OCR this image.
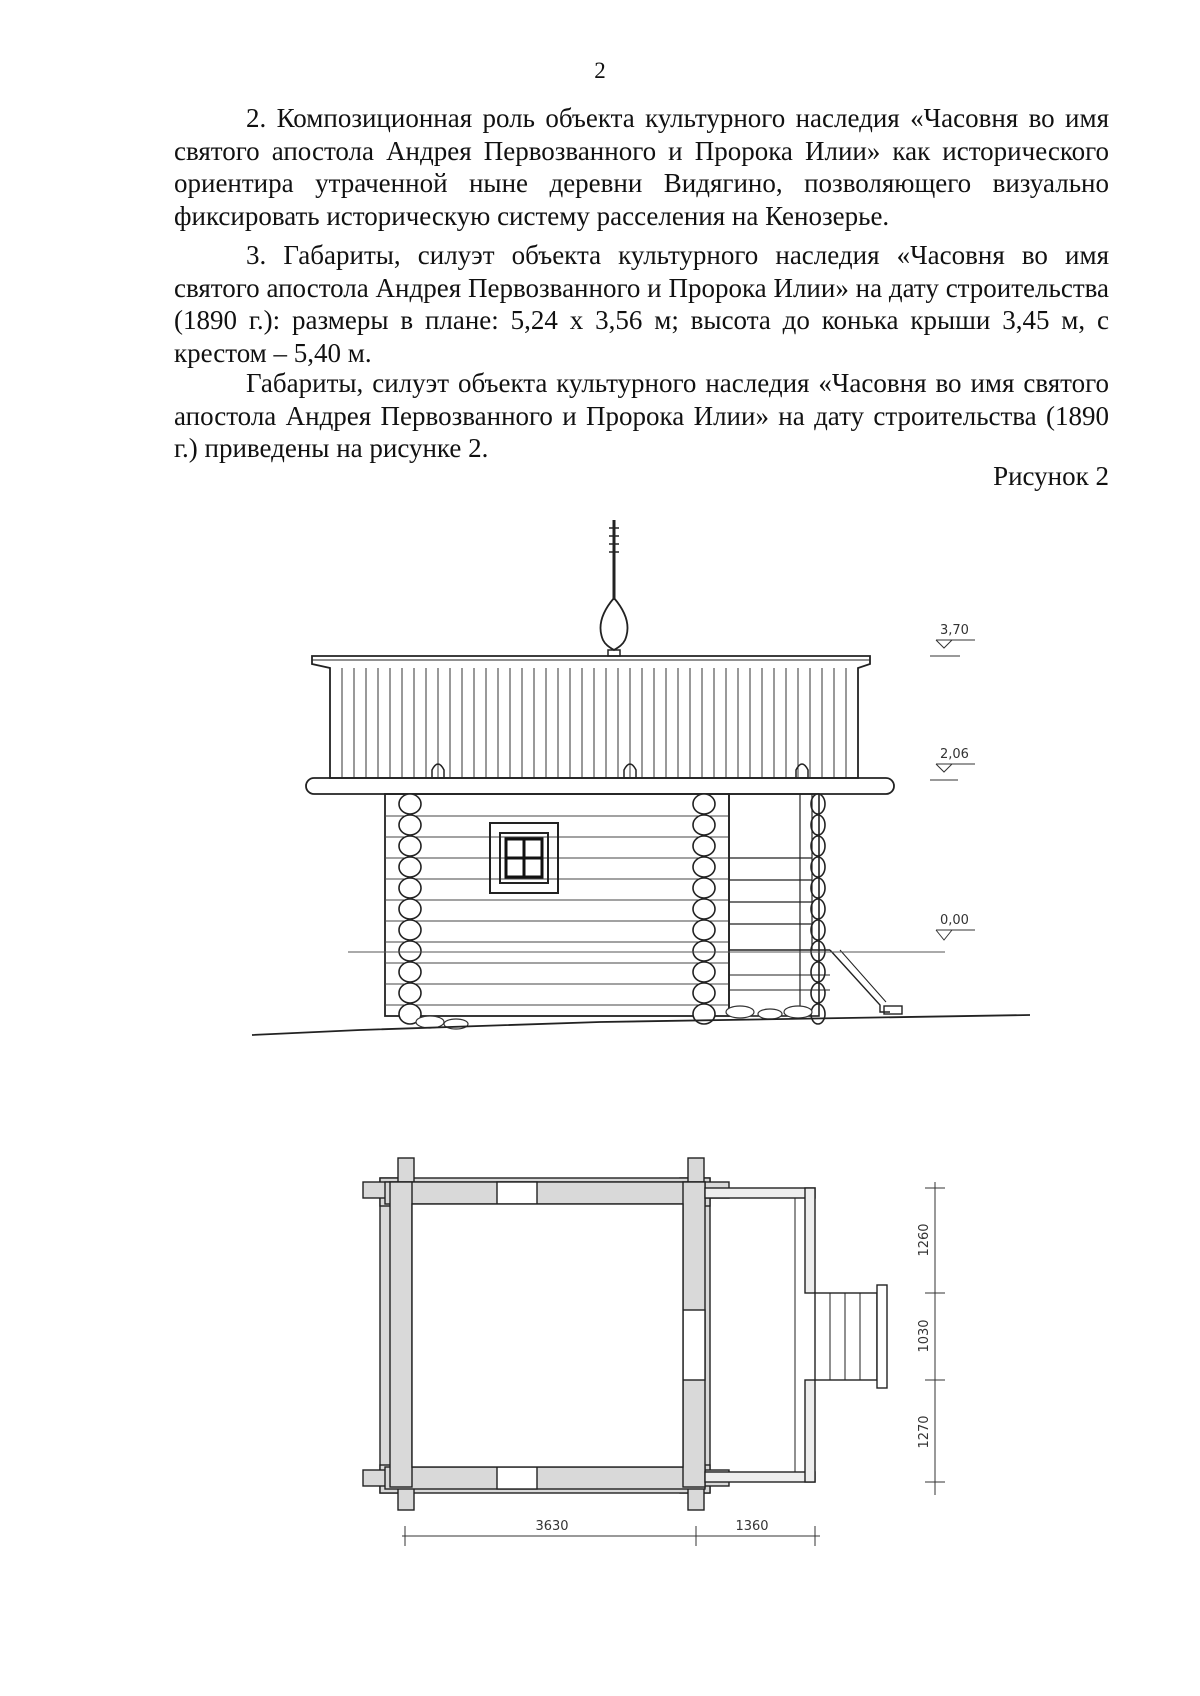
2

2. Композиционная роль объекта культурного наследия «Часовня во имя святого апостола Андрея Первозванного и Пророка Илии» как исторического ориентира утраченной ныне деревни Видягино, позволяющего визуально фиксировать историческую систему расселения на Кенозерье.

3. Габариты, силуэт объекта культурного наследия «Часовня во имя святого апостола Андрея Первозванного и Пророка Илии» на дату строительства (1890 г.): размеры в плане: 5,24 х 3,56 м; высота до конька крыши 3,45 м, с крестом – 5,40 м.

Габариты, силуэт объекта культурного наследия «Часовня во имя святого апостола Андрея Первозванного и Пророка Илии» на дату строительства (1890 г.) приведены на рисунке 2.

Рисунок 2
3,70
2,06
0,00
1260
1030
1270
3630	1360
